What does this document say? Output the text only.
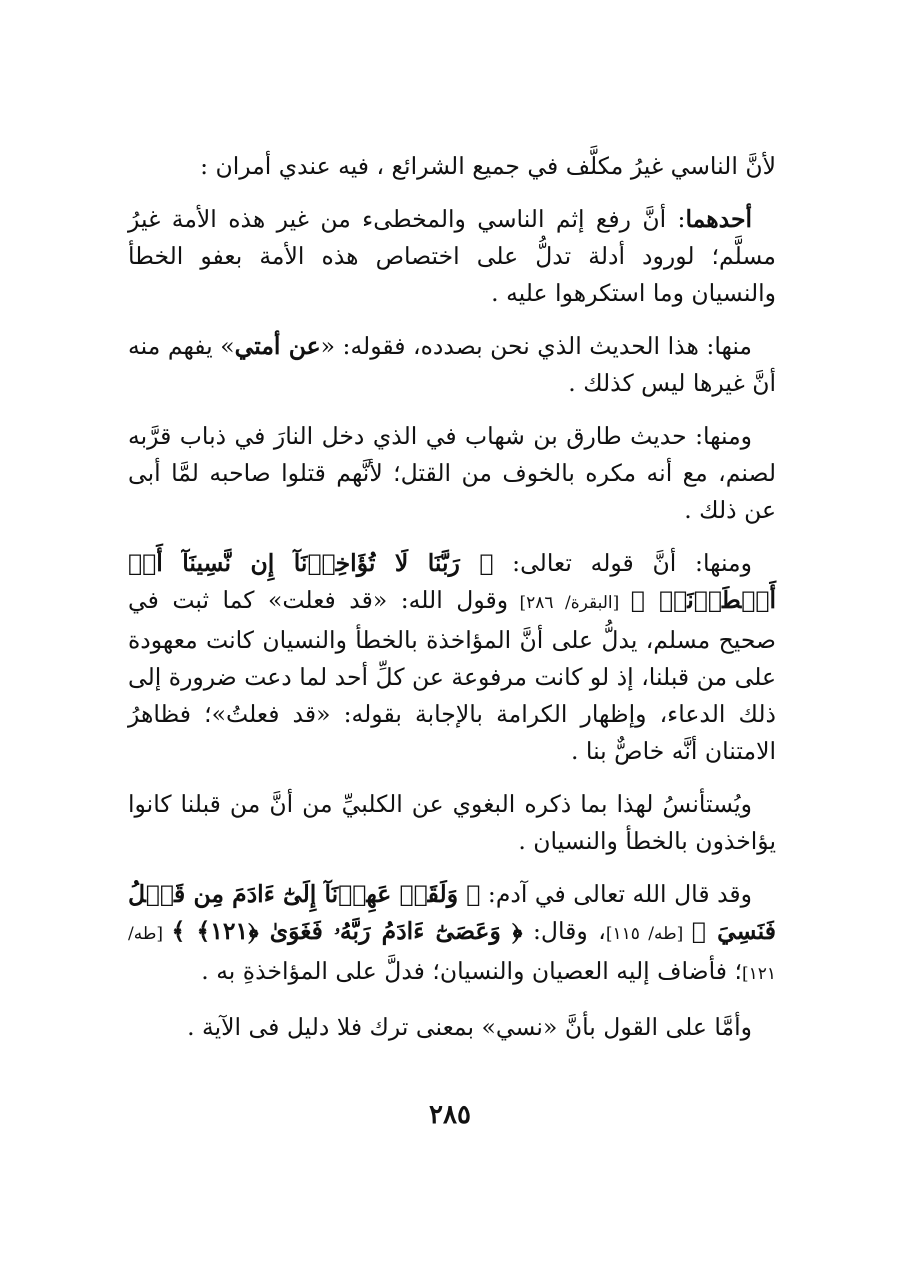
لأنَّ الناسي غيرُ مكلَّف في جميع الشرائع ، فيه عندي أمران :

أحدهما: أنَّ رفع إثم الناسي والمخطىء من غير هذه الأمة غيرُ مسلَّم؛ لورود أدلة تدلُّ على اختصاص هذه الأمة بعفو الخطأ والنسيان وما استكرهوا عليه .

منها: هذا الحديث الذي نحن بصدده، فقوله: «عن أمتي» يفهم منه أنَّ غيرها ليس كذلك .

ومنها: حديث طارق بن شهاب في الذي دخل النارَ في ذباب قرَّبه لصنم، مع أنه مكره بالخوف من القتل؛ لأنَّهم قتلوا صاحبه لمَّا أبى عن ذلك .

ومنها: أنَّ قوله تعالى: ﴿ رَبَّنَا لَا تُؤَاخِذۡنَآ إِن نَّسِينَآ أَوۡ أَخۡطَأۡنَاۚ ﴾ [البقرة/ ٢٨٦] وقول الله: «قد فعلت» كما ثبت في صحيح مسلم، يدلُّ على أنَّ المؤاخذة بالخطأ والنسيان كانت معهودة على من قبلنا، إذ لو كانت مرفوعة عن كلِّ أحد لما دعت ضرورة إلى ذلك الدعاء، وإظهار الكرامة بالإجابة بقوله: «قد فعلتُ»؛ فظاهرُ الامتنان أنَّه خاصٌّ بنا .

ويُستأنسُ لهذا بما ذكره البغوي عن الكلبيِّ من أنَّ من قبلنا كانوا يؤاخذون بالخطأ والنسيان .

وقد قال الله تعالى في آدم: ﴿ وَلَقَدۡ عَهِدۡنَآ إِلَىٰٓ ءَادَمَ مِن قَبۡلُ فَنَسِيَ ﴾ [طه/ ١١٥]، وقال: ﴿ وَعَصَىٰٓ ءَادَمُ رَبَّهُۥ فَغَوَىٰ ﴿١٢١﴾ ﴾ [طه/ ١٢١]؛ فأضاف إليه العصيان والنسيان؛ فدلَّ على المؤاخذةِ به .

وأمَّا على القول بأنَّ «نسي» بمعنى ترك فلا دليل فى الآية .

٢٨٥
